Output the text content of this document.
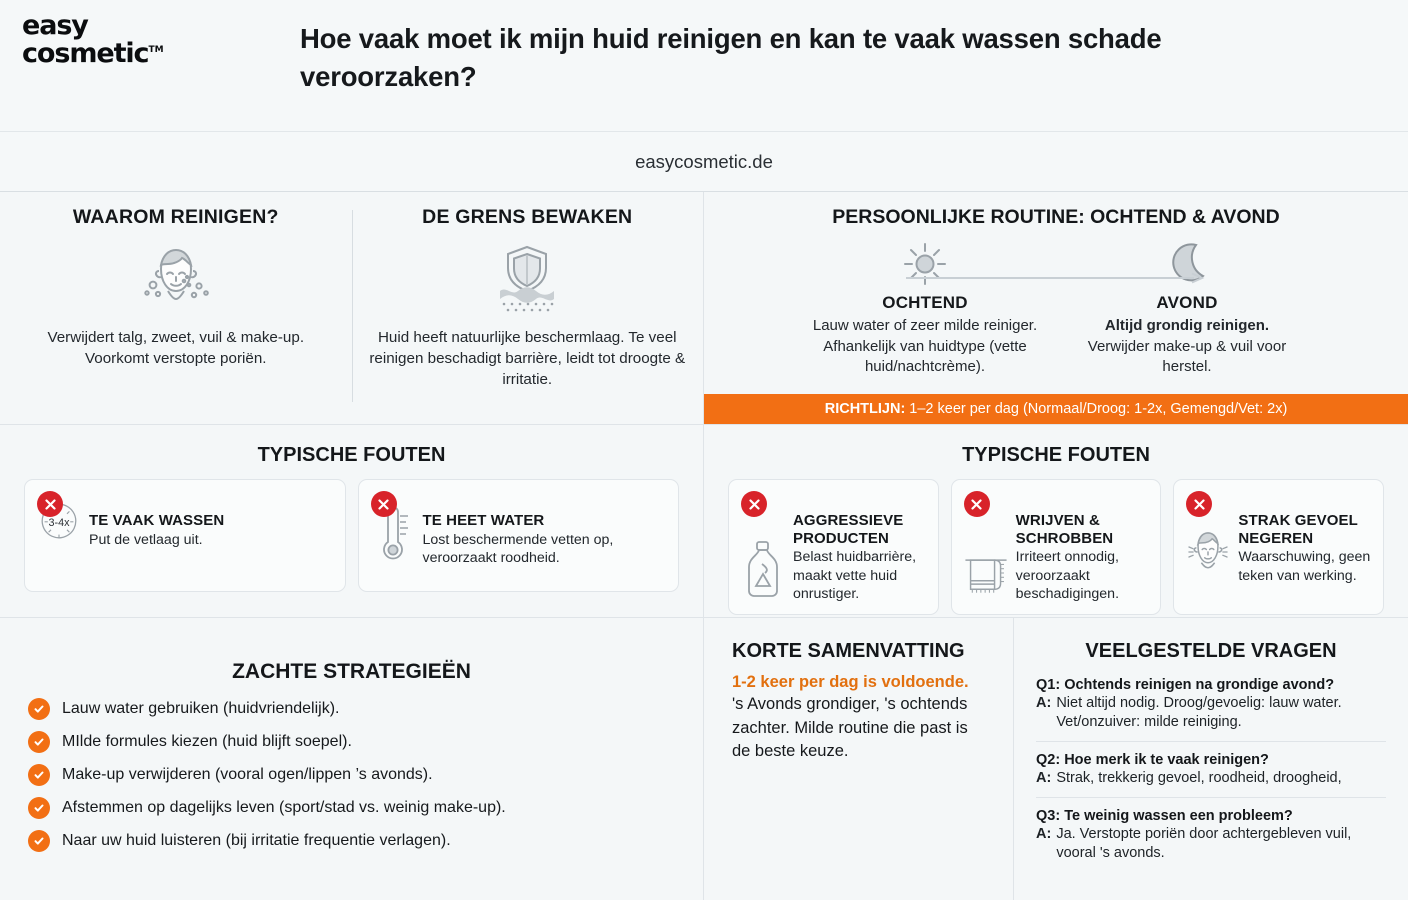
easy
cosmetic™	Hoe vaak moet ik mijn huid reinigen en kan te vaak wassen schade veroorzaken?
easycosmetic.de
WAAROM REINIGEN?
Verwijdert talg, zweet, vuil & make-up. Voorkomt verstopte poriën.
DE GRENS BEWAKEN
Huid heeft natuurlijke beschermlaag. Te veel reinigen beschadigt barrière, leidt tot droogte & irritatie.
PERSOONLIJKE ROUTINE: OCHTEND & AVOND
OCHTEND
Lauw water of zeer milde reiniger. Afhankelijk van huidtype (vette huid/nachtcrème).
AVOND
Altijd grondig reinigen.
Verwijder make-up & vuil voor herstel.
RICHTLIJN: 1–2 keer per dag (Normaal/Droog: 1-2x, Gemengd/Vet: 2x)
TYPISCHE FOUTEN
3-4x TE VAAK WASSEN
Put de vetlaag uit.
TE HEET WATER
Lost beschermende vetten op, veroorzaakt roodheid.
TYPISCHE FOUTEN
AGGRESSIEVE PRODUCTEN
Belast huidbarrière, maakt vette huid onrustiger.
WRIJVEN & SCHROBBEN
Irriteert onnodig, veroorzaakt beschadigingen.
STRAK GEVOEL NEGEREN
Waarschuwing, geen teken van werking.
ZACHTE STRATEGIEËN
Lauw water gebruiken (huidvriendelijk).
MIlde formules kiezen (huid blijft soepel).
Make-up verwijderen (vooral ogen/lippen ’s avonds).
Afstemmen op dagelijks leven (sport/stad vs. weinig make-up).
Naar uw huid luisteren (bij irritatie frequentie verlagen).
KORTE SAMENVATTING
1-2 keer per dag is voldoende.
's Avonds grondiger, 's ochtends zachter. Milde routine die past is de beste keuze.
VEELGESTELDE VRAGEN
Q1: Ochtends reinigen na grondige avond?
A: Niet altijd nodig. Droog/gevoelig: lauw water. Vet/onzuiver: milde reiniging.
Q2: Hoe merk ik te vaak reinigen?
A: Strak, trekkerig gevoel, roodheid, droogheid,
Q3: Te weinig wassen een probleem?
A: Ja. Verstopte poriën door achtergebleven vuil, vooral 's avonds.
